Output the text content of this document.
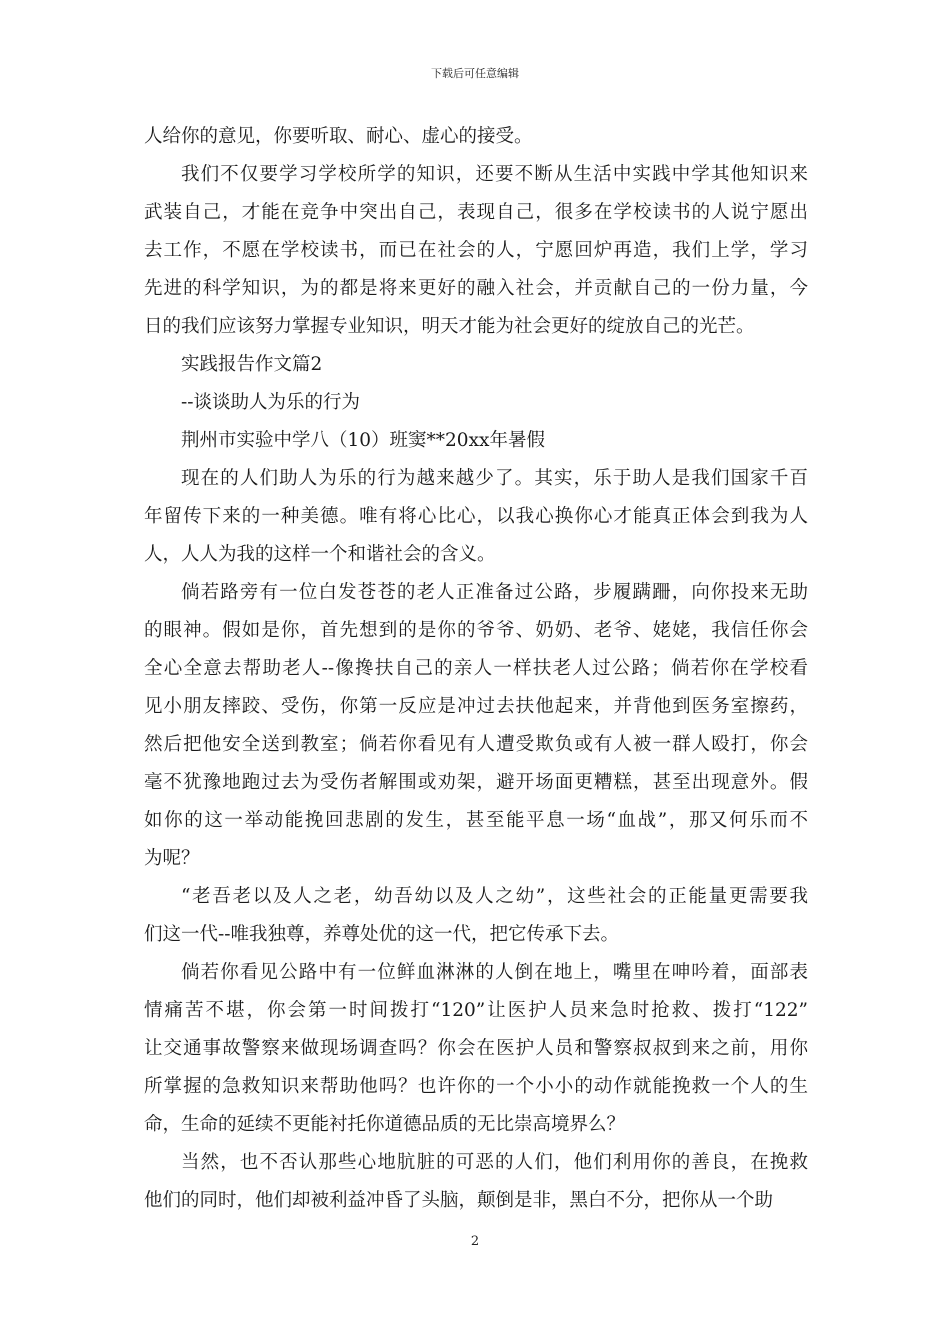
下载后可任意编辑
人给你的意见，你要听取、耐心、虚心的接受。
我们不仅要学习学校所学的知识，还要不断从生活中实践中学其他知识来
武装自己，才能在竞争中突出自己，表现自己，很多在学校读书的人说宁愿出
去工作，不愿在学校读书，而已在社会的人，宁愿回炉再造，我们上学，学习
先进的科学知识，为的都是将来更好的融入社会，并贡献自己的一份力量，今
日的我们应该努力掌握专业知识，明天才能为社会更好的绽放自己的光芒。
实践报告作文篇2
--谈谈助人为乐的行为
荆州市实验中学八（10）班窦**20xx年暑假
现在的人们助人为乐的行为越来越少了。其实，乐于助人是我们国家千百
年留传下来的一种美德。唯有将心比心，以我心换你心才能真正体会到我为人
人，人人为我的这样一个和谐社会的含义。
倘若路旁有一位白发苍苍的老人正准备过公路，步履蹒跚，向你投来无助
的眼神。假如是你，首先想到的是你的爷爷、奶奶、老爷、姥姥，我信任你会
全心全意去帮助老人--像搀扶自己的亲人一样扶老人过公路；倘若你在学校看
见小朋友摔跤、受伤，你第一反应是冲过去扶他起来，并背他到医务室擦药，
然后把他安全送到教室；倘若你看见有人遭受欺负或有人被一群人殴打，你会
毫不犹豫地跑过去为受伤者解围或劝架，避开场面更糟糕，甚至出现意外。假
如你的这一举动能挽回悲剧的发生，甚至能平息一场“血战”，那又何乐而不
为呢？
“老吾老以及人之老，幼吾幼以及人之幼”，这些社会的正能量更需要我
们这一代--唯我独尊，养尊处优的这一代，把它传承下去。
倘若你看见公路中有一位鲜血淋淋的人倒在地上，嘴里在呻吟着，面部表
情痛苦不堪，你会第一时间拨打“120”让医护人员来急时抢救、拨打“122”
让交通事故警察来做现场调查吗？你会在医护人员和警察叔叔到来之前，用你
所掌握的急救知识来帮助他吗？也许你的一个小小的动作就能挽救一个人的生
命，生命的延续不更能衬托你道德品质的无比崇高境界么？
当然，也不否认那些心地肮脏的可恶的人们，他们利用你的善良，在挽救
他们的同时，他们却被利益冲昏了头脑，颠倒是非，黑白不分，把你从一个助
2
